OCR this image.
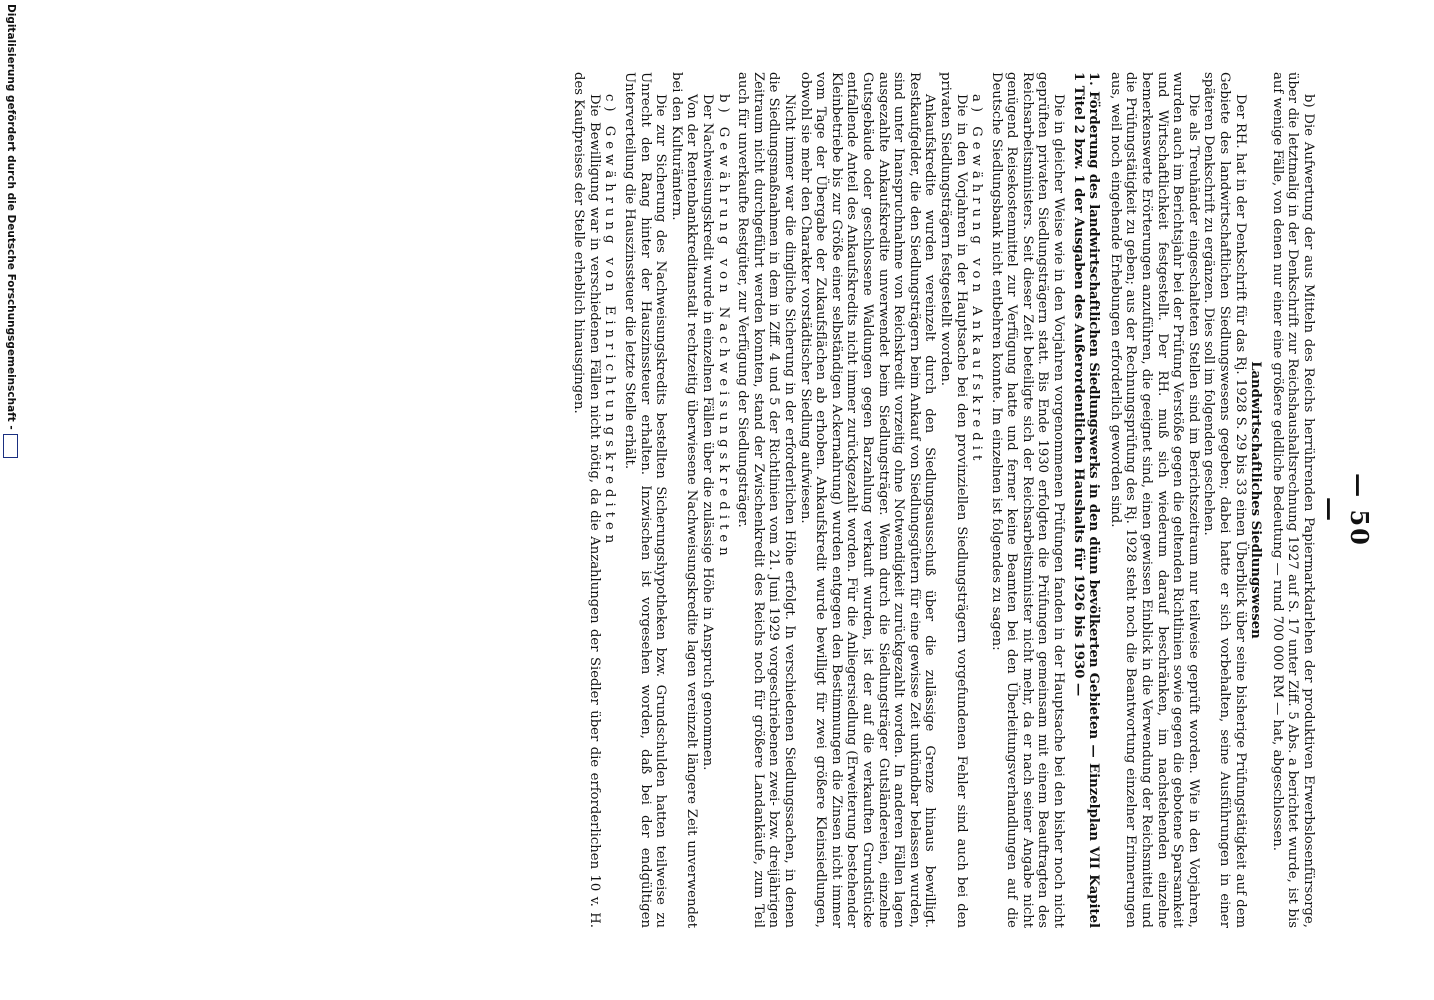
— 50 —

b) Die Aufwertung der aus Mitteln des Reichs herrührenden Papiermarkdarlehen der produktiven Erwerbslosenfürsorge, über die letztmalig in der Denkschrift zur Reichshaushaltsrechnung 1927 auf S. 17 unter Ziff. 5 Abs. a berichtet wurde, ist bis auf wenige Fälle, von denen nur einer eine größere geldliche Bedeutung — rund 700 000 RM — hat, abgeschlossen.

Landwirtschaftliches Siedlungswesen

Der RH. hat in der Denkschrift für das Rj. 1928 S. 29 bis 33 einen Überblick über seine bisherige Prüfungstätigkeit auf dem Gebiete des landwirtschaftlichen Siedlungswesens gegeben; dabei hatte er sich vorbehalten, seine Ausführungen in einer späteren Denkschrift zu ergänzen. Dies soll im folgenden geschehen.

Die als Treuhänder eingeschalteten Stellen sind im Berichtszeitraum nur teilweise geprüft worden. Wie in den Vorjahren, wurden auch im Berichtsjahr bei der Prüfung Verstöße gegen die geltenden Richtlinien sowie gegen die gebotene Sparsamkeit und Wirtschaftlichkeit festgestellt. Der RH. muß sich wiederum darauf beschränken, im nachstehenden einzelne bemerkenswerte Erörterungen anzuführen, die geeignet sind, einen gewissen Einblick in die Verwendung der Reichsmittel und die Prüfungstätigkeit zu geben; aus der Rechnungsprüfung des Rj. 1928 steht noch die Beantwortung einzelner Erinnerungen aus, weil noch eingehende Erhebungen erforderlich geworden sind.

1. Förderung des landwirtschaftlichen Siedlungswerks in den dünn bevölkerten Gebieten — Einzelplan VII Kapitel 1 Titel 2 bzw. 1 der Ausgaben des Außerordentlichen Haushalts für 1926 bis 1930 —

Die in gleicher Weise wie in den Vorjahren vorgenommenen Prüfungen fanden in der Hauptsache bei den bisher noch nicht geprüften privaten Siedlungsträgern statt. Bis Ende 1930 erfolgten die Prüfungen gemeinsam mit einem Beauftragten des Reichsarbeitsministers. Seit dieser Zeit beteiligte sich der Reichsarbeitsminister nicht mehr, da er nach seiner Angabe nicht genügend Reisekostenmittel zur Verfügung hatte und ferner keine Beamten bei den Überleitungsverhandlungen auf die Deutsche Siedlungsbank nicht entbehren konnte. Im einzelnen ist folgendes zu sagen:

a) Gewährung von Ankaufskredit

Die in den Vorjahren in der Hauptsache bei den provinziellen Siedlungsträgern vorgefundenen Fehler sind auch bei den privaten Siedlungsträgern festgestellt worden.

Ankaufskredite wurden vereinzelt durch den Siedlungsausschuß über die zulässige Grenze hinaus bewilligt. Restkaufgelder, die den Siedlungsträgern beim Ankauf von Siedlungsgütern für eine gewisse Zeit unkündbar belassen wurden, sind unter Inanspruchnahme von Reichskredit vorzeitig ohne Notwendigkeit zurückgezahlt worden. In anderen Fällen lagen ausgezahlte Ankaufskredite unverwendet beim Siedlungsträger. Wenn durch die Siedlungsträger Gutsländereien, einzelne Gutsgebäude oder geschlossene Waldungen gegen Barzahlung verkauft wurden, ist der auf die verkauften Grundstücke entfallende Anteil des Ankaufskredits nicht immer zurückgezahlt worden. Für die Anliegersiedlung (Erweiterung bestehender Kleinbetriebe bis zur Größe einer selbständigen Ackernahrung) wurden entgegen den Bestimmungen die Zinsen nicht immer vom Tage der Übergabe der Zukaufsflächen ab erhoben. Ankaufskredit wurde bewilligt für zwei größere Kleinsiedlungen, obwohl sie mehr den Charakter vorstädtischer Siedlung aufwiesen.

Nicht immer war die dingliche Sicherung in der erforderlichen Höhe erfolgt. In verschiedenen Siedlungssachen, in denen die Siedlungsmaßnahmen in dem in Ziff. 4 und 5 der Richtlinien vom 21. Juni 1929 vorgeschriebenen zwei- bzw. dreijährigen Zeitraum nicht durchgeführt werden konnten, stand der Zwischenkredit des Reichs noch für größere Landankäufe, zum Teil auch für unverkaufte Restgüter, zur Verfügung der Siedlungsträger.

b) Gewährung von Nachweisungskrediten

Der Nachweisungskredit wurde in einzelnen Fällen über die zulässige Höhe in Anspruch genommen.

Von der Rentenbankkreditanstalt rechtzeitig überwiesene Nachweisungskredite lagen vereinzelt längere Zeit unverwendet bei den Kulturämtern.

Die zur Sicherung des Nachweisungskredits bestellten Sicherungshypotheken bzw. Grundschulden hatten teilweise zu Unrecht den Rang hinter der Hauszinssteuer erhalten. Inzwischen ist vorgesehen worden, daß bei der endgültigen Unterverteilung die Hauszinssteuer die letzte Stelle erhält.

c) Gewährung von Einrichtungskrediten

Die Bewilligung war in verschiedenen Fällen nicht nötig, da die Anzahlungen der Siedler über die erforderlichen 10 v. H. des Kaufpreises der Stelle erheblich hinausgingen.

Digitalisierung gefördert durch die Deutsche Forschungsgemeinschaft -
